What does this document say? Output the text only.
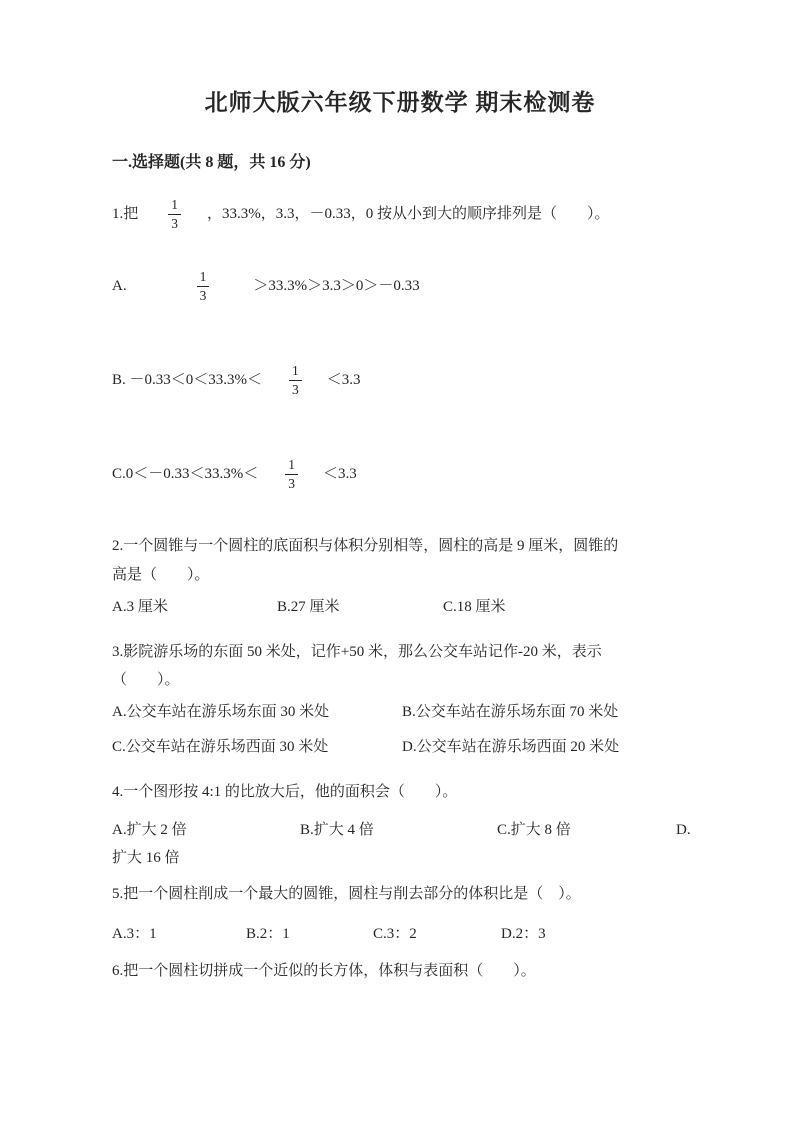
北师大版六年级下册数学 期末检测卷
一.选择题(共 8 题，共 16 分)
1.把 $\frac{1}{3}$ ，33.3%，3.3，－0.33，0 按从小到大的顺序排列是（　　）。
A.	$\frac{1}{3}$	＞33.3%＞3.3＞0＞－0.33
B. $-0.33<0<33.3\%< \frac{1}{3} <3.3$
$C.0<-0.33<33.3\%< \frac{1}{3} <3.3$
2.一个圆锥与一个圆柱的底面积与体积分别相等，圆柱的高是 9 厘米，圆锥的
高是（　　）。
A.3 厘米	B.27 厘米	C.18 厘米
3.影院游乐场的东面 50 米处，记作+50 米，那么公交车站记作-20 米，表示
（　　）。
A.公交车站在游乐场东面 30 米处	B.公交车站在游乐场东面 70 米处
C.公交车站在游乐场西面 30 米处	D.公交车站在游乐场西面 20 米处
4.一个图形按 4:1 的比放大后，他的面积会（　　）。
A.扩大 2 倍	B.扩大 4 倍	C.扩大 8 倍	D.
扩大 16 倍
5.把一个圆柱削成一个最大的圆锥，圆柱与削去部分的体积比是（　）。
A.3：1	B.2：1	C.3：2	D.2：3
6.把一个圆柱切拼成一个近似的长方体，体积与表面积（　　）。
